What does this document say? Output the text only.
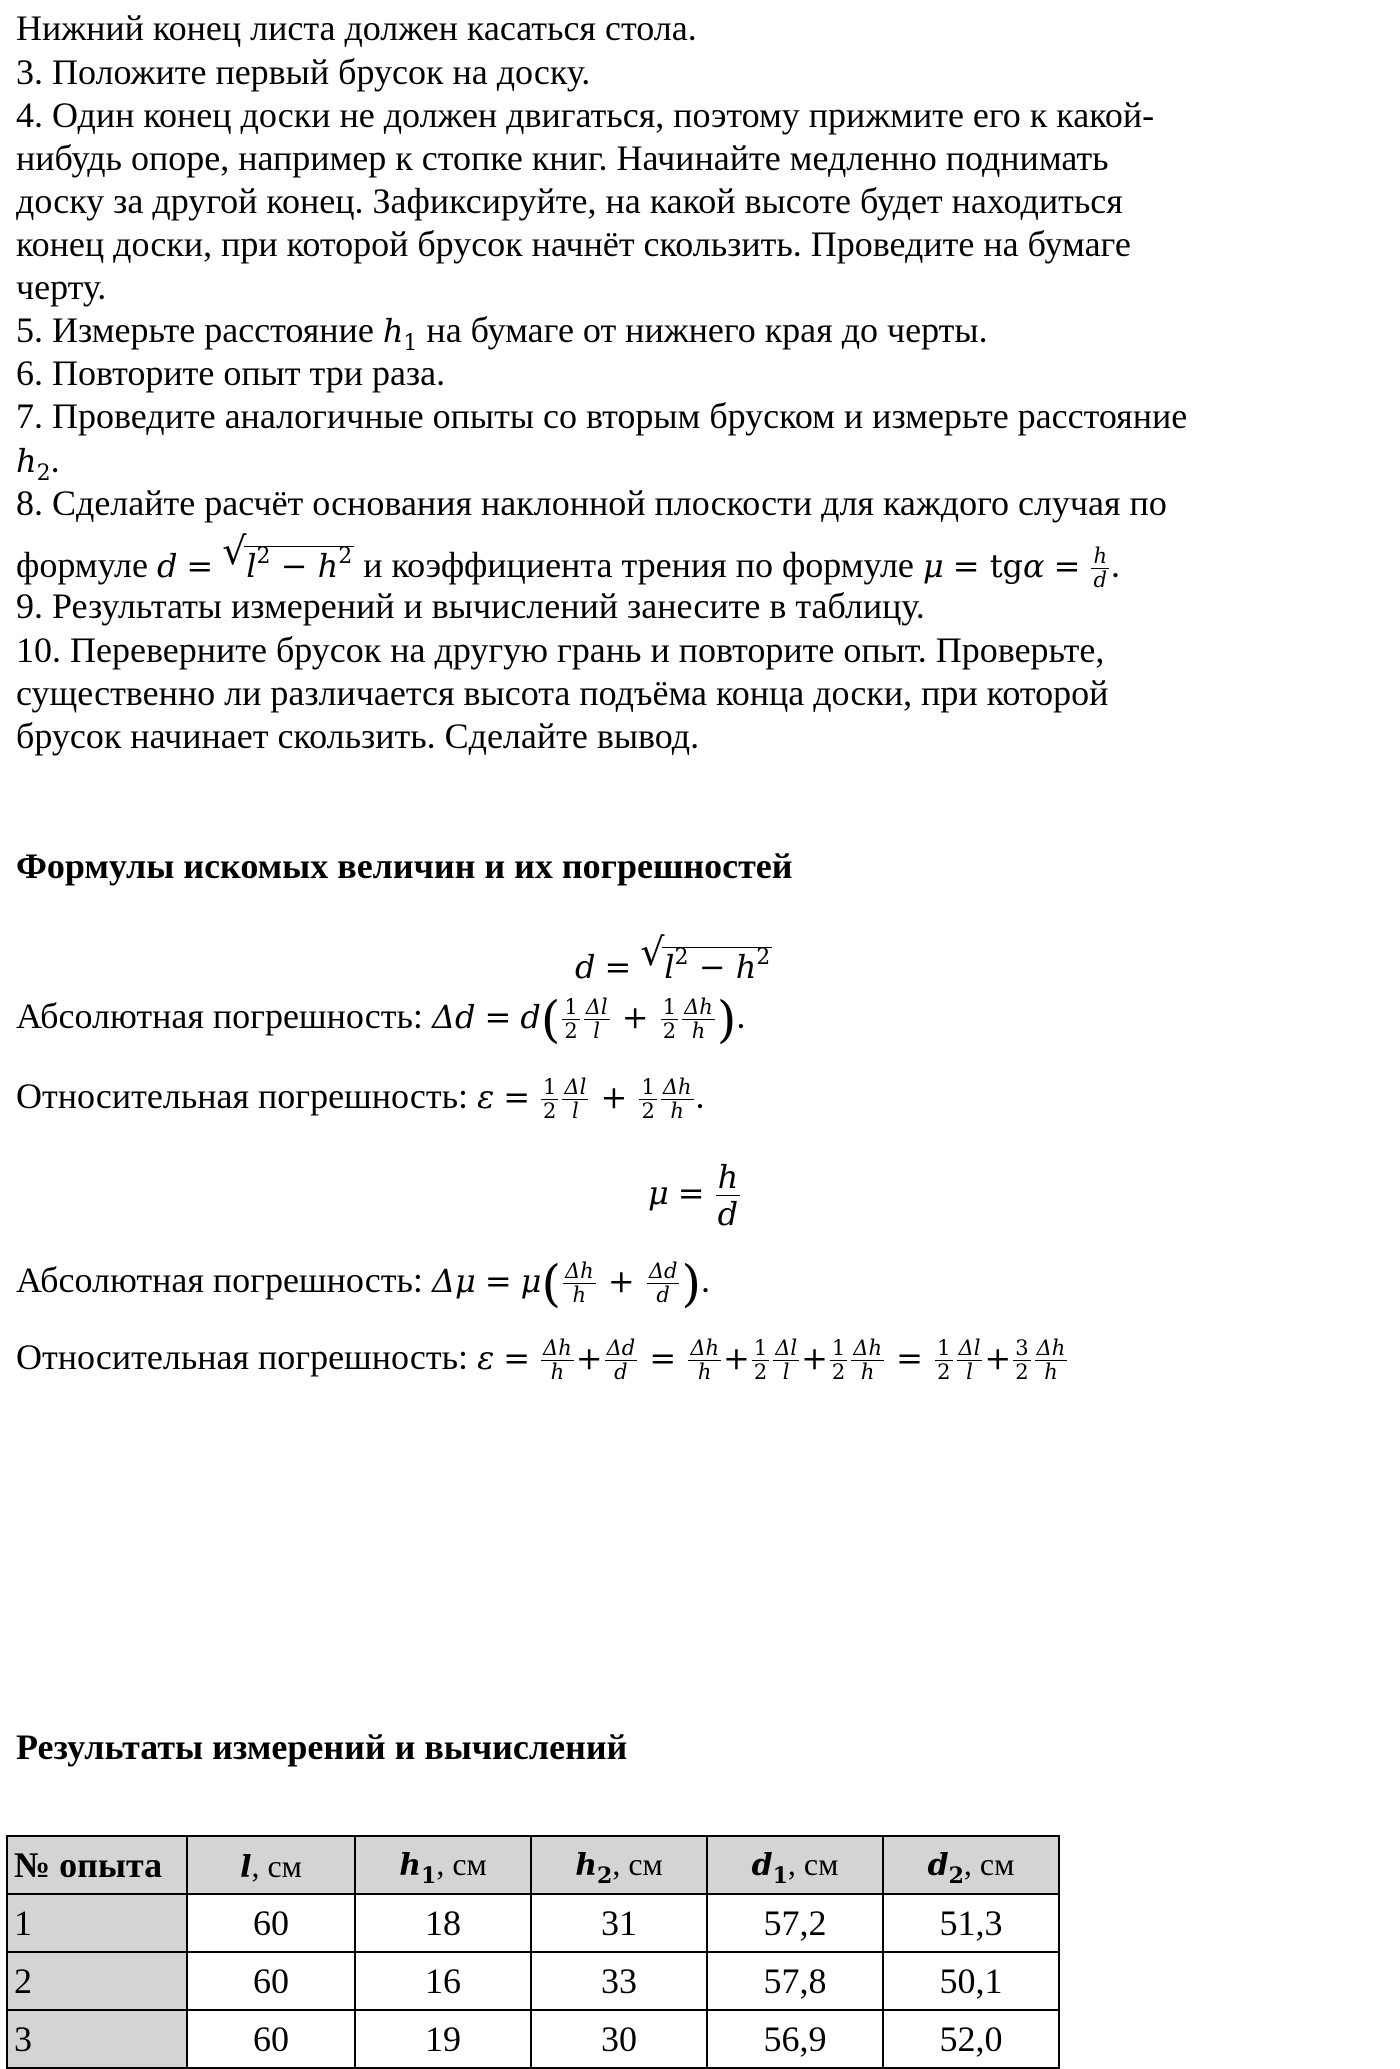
Нижний конец листа должен касаться стола.
3. Положите первый брусок на доску.
4. Один конец доски не должен двигаться, поэтому прижмите его к какой-
нибудь опоре, например к стопке книг. Начинайте медленно поднимать
доску за другой конец. Зафиксируйте, на какой высоте будет находиться
конец доски, при которой брусок начнёт скользить. Проведите на бумаге
черту.
5. Измерьте расстояние $h_1$ на бумаге от нижнего края до черты.
6. Повторите опыт три раза.
7. Проведите аналогичные опыты со вторым бруском и измерьте расстояние
$h_2$.
8. Сделайте расчёт основания наклонной плоскости для каждого случая по
формуле d = √ $l^2 - h^2$ и коэффициента трения по формуле $\mu = tg\alpha = \frac{h}{d}$ .
9. Результаты измерений и вычислений занесите в таблицу.
10. Переверните брусок на другую грань и повторите опыт. Проверьте,
существенно ли различается высота подъёма конца доски, при которой
брусок начинает скользить. Сделайте вывод.
Формулы искомых величин и их погрешностей
d = √ $l^2 - h^2$
Абсолютная погрешность: $\Delta d = d( \frac{1}{2} \frac{\Delta l}{l} + \frac{1}{2} \frac{\Delta h}{h}$ ).
Относительная погрешность: $\varepsilon = \frac{1}{2} \frac{\Delta l}{l} + \frac{1}{2} \frac{\Delta h}{h}$ .
$\mu = \frac{h}{d}$
Абсолютная погрешность: $\Delta\mu = \mu( \frac{\Delta h}{h} + \frac{\Delta d}{d}$ ).
Относительная погрешность: $\varepsilon = \frac{\Delta h}{h} + \frac{\Delta d}{d} = \frac{\Delta h}{h} + \frac{1}{2} \frac{\Delta l}{l} + \frac{1}{2} \frac{\Delta h}{h} = \frac{1}{2} \frac{\Delta l}{l} + \frac{3}{2} \frac{\Delta h}{h}$
Результаты измерений и вычислений
№ опыта	l, см	$h_1$, см	$h_2$, см	$d_1$, см	$d_2$, см
1	60	18	31	57,2	51,3
2	60	16	33	57,8	50,1
3	60	19	30	56,9	52,0
